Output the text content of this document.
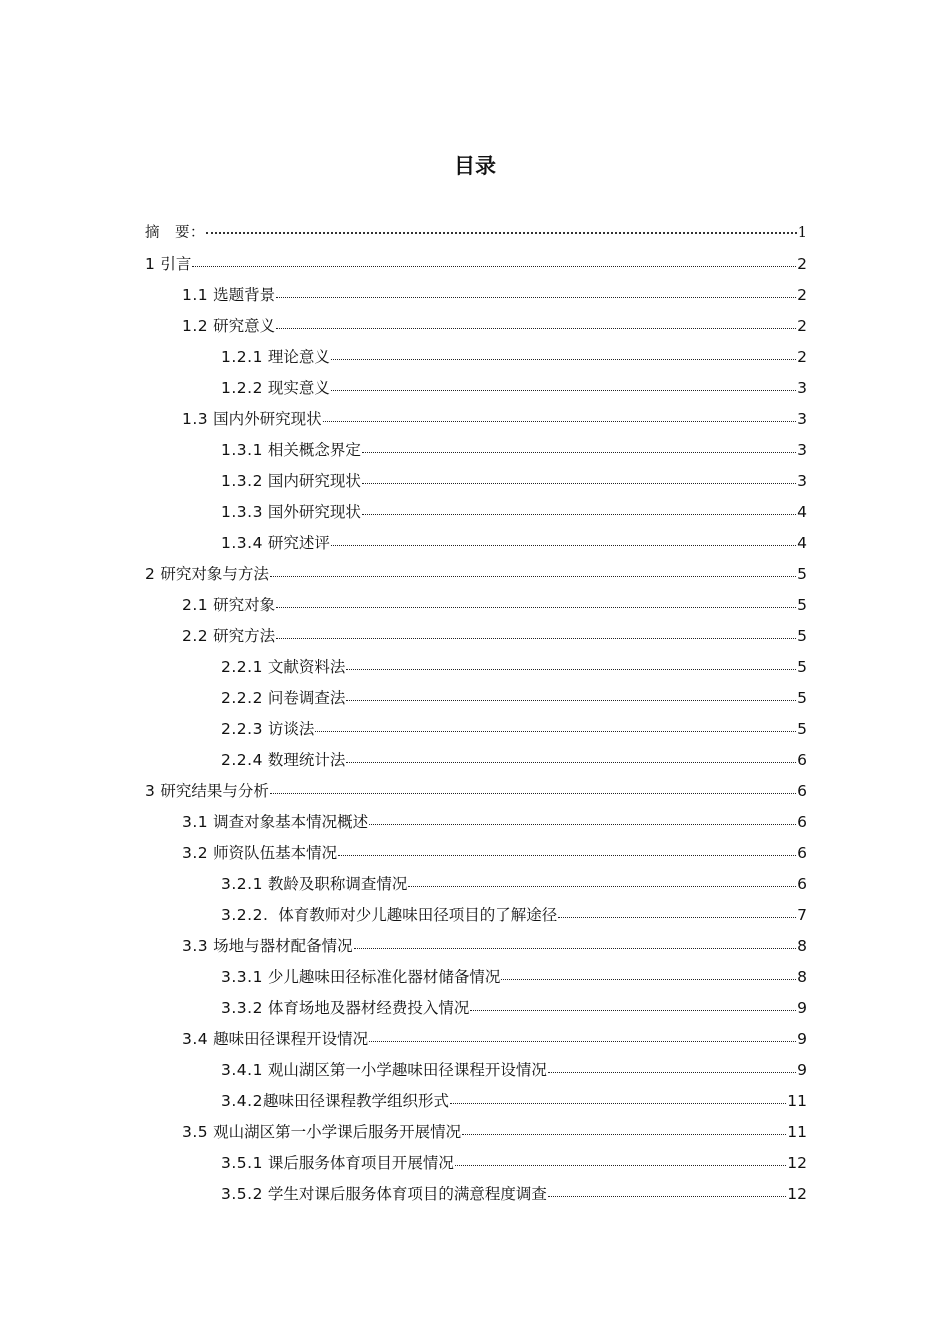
目录
摘　要：	1
1 引言	2
1.1 选题背景	2
1.2 研究意义	2
1.2.1 理论意义	2
1.2.2 现实意义	3
1.3 国内外研究现状	3
1.3.1 相关概念界定	3
1.3.2 国内研究现状	3
1.3.3 国外研究现状	4
1.3.4 研究述评	4
2 研究对象与方法	5
2.1 研究对象	5
2.2 研究方法	5
2.2.1 文献资料法	5
2.2.2 问卷调查法	5
2.2.3 访谈法	5
2.2.4 数理统计法	6
3 研究结果与分析	6
3.1 调查对象基本情况概述	6
3.2 师资队伍基本情况	6
3.2.1 教龄及职称调查情况	6
3.2.2.  体育教师对少儿趣味田径项目的了解途径	7
3.3 场地与器材配备情况	8
3.3.1 少儿趣味田径标准化器材储备情况	8
3.3.2 体育场地及器材经费投入情况	9
3.4 趣味田径课程开设情况	9
3.4.1 观山湖区第一小学趣味田径课程开设情况	9
3.4.2趣味田径课程教学组织形式	11
3.5 观山湖区第一小学课后服务开展情况	11
3.5.1 课后服务体育项目开展情况	12
3.5.2 学生对课后服务体育项目的满意程度调查	12
